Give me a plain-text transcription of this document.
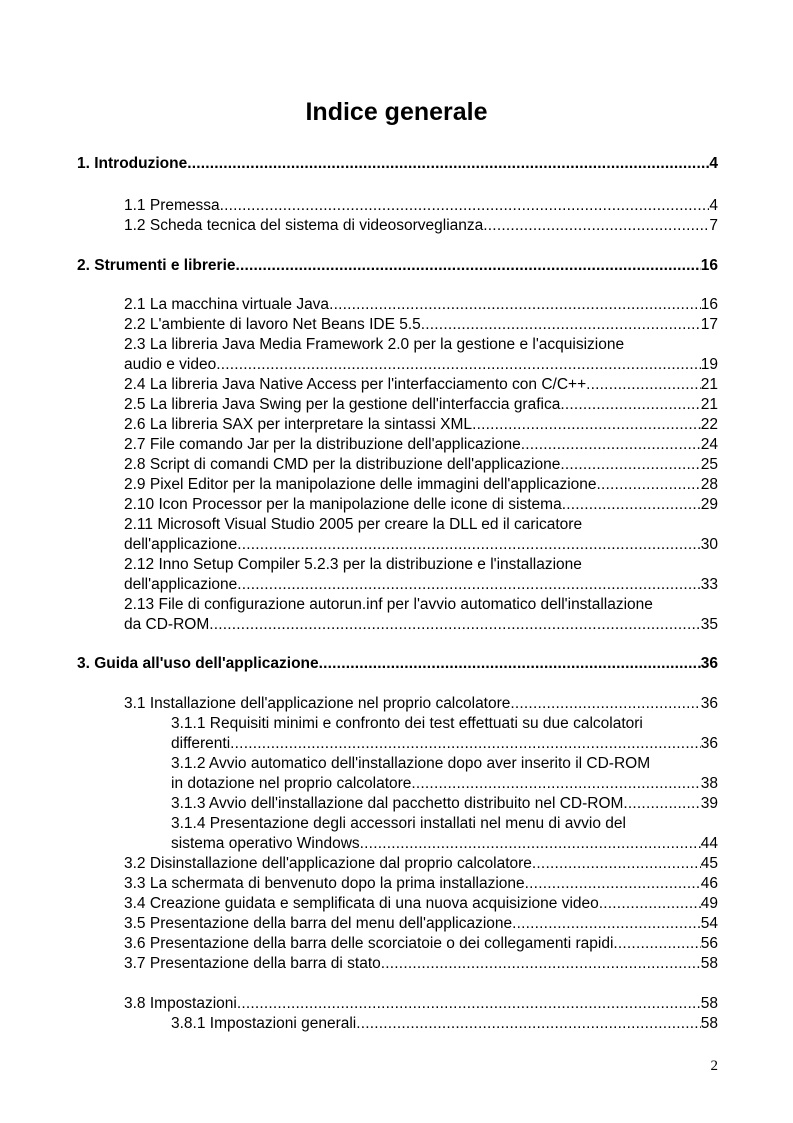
Indice generale
1. Introduzione .....	4
1.1 Premessa .....	4
1.2 Scheda tecnica del sistema di videosorveglianza .....	7
2. Strumenti e librerie .....	16
2.1 La macchina virtuale Java .....	16
2.2 L'ambiente di lavoro Net Beans IDE 5.5 .....	17
2.3 La libreria Java Media Framework 2.0 per la gestione e l'acquisizione
audio e video .....	19
2.4 La libreria Java Native Access per l'interfacciamento con C/C++ .....	21
2.5 La libreria Java Swing per la gestione dell'interfaccia grafica .....	21
2.6 La libreria SAX per interpretare la sintassi XML .....	22
2.7 File comando Jar per la distribuzione dell'applicazione .....	24
2.8 Script di comandi CMD per la distribuzione dell'applicazione .....	25
2.9 Pixel Editor per la manipolazione delle immagini dell'applicazione .....	28
2.10 Icon Processor per la manipolazione delle icone di sistema .....	29
2.11 Microsoft Visual Studio 2005 per creare la DLL ed il caricatore
dell'applicazione .....	30
2.12 Inno Setup Compiler 5.2.3 per la distribuzione e l'installazione
dell'applicazione .....	33
2.13 File di configurazione autorun.inf per l'avvio automatico dell'installazione
da CD-ROM .....	35
3. Guida all'uso dell'applicazione .....	36
3.1 Installazione dell'applicazione nel proprio calcolatore .....	36
3.1.1 Requisiti minimi e confronto dei test effettuati su due calcolatori
differenti .....	36
3.1.2 Avvio automatico dell'installazione dopo aver inserito il CD-ROM
in dotazione nel proprio calcolatore .....	38
3.1.3 Avvio dell'installazione dal pacchetto distribuito nel CD-ROM .....	39
3.1.4 Presentazione degli accessori installati nel menu di avvio del
sistema operativo Windows .....	44
3.2 Disinstallazione dell'applicazione dal proprio calcolatore .....	45
3.3 La schermata di benvenuto dopo la prima installazione .....	46
3.4 Creazione guidata e semplificata di una nuova acquisizione video .....	49
3.5 Presentazione della barra del menu dell'applicazione .....	54
3.6 Presentazione della barra delle scorciatoie o dei collegamenti rapidi .....	56
3.7 Presentazione della barra di stato .....	58
3.8 Impostazioni .....	58
3.8.1 Impostazioni generali .....	58
2
